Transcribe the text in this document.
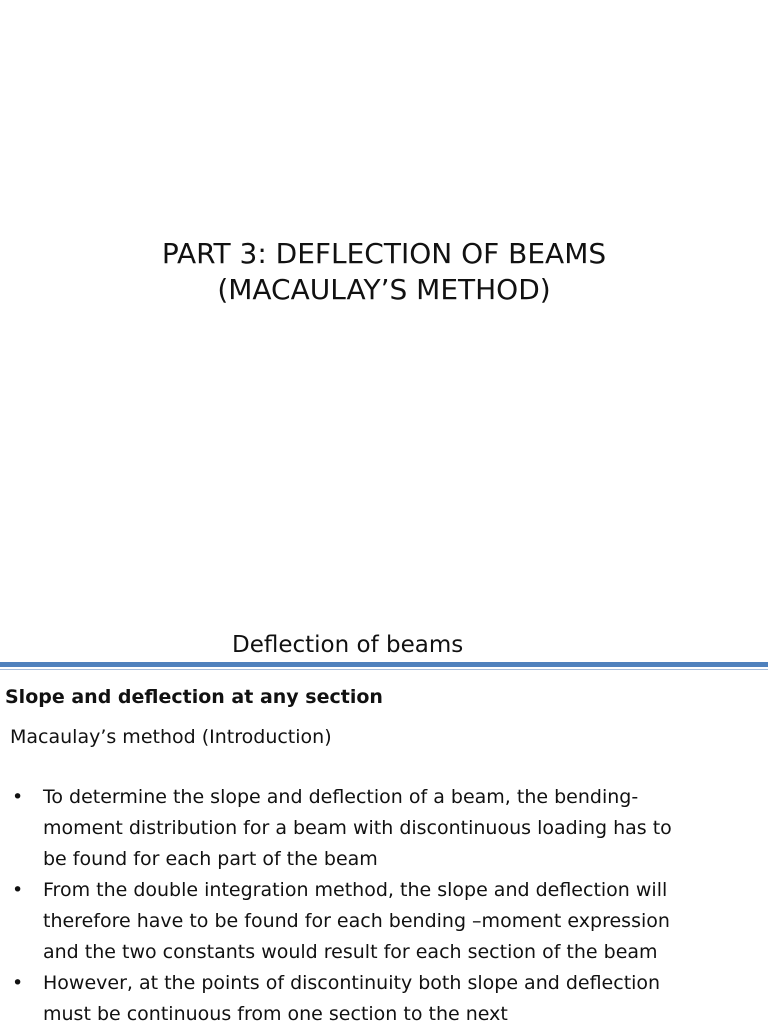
PART 3: DEFLECTION OF BEAMS
(MACAULAY’S METHOD)
Deflection of beams
Slope and deflection at any section
Macaulay’s method (Introduction)
• To determine the slope and deflection of a beam, the bending-
moment distribution for a beam with discontinuous loading has to
be found for each part of the beam
• From the double integration method, the slope and deflection will
therefore have to be found for each bending –moment expression
and the two constants would result for each section of the beam
• However, at the points of discontinuity both slope and deflection
must be continuous from one section to the next
